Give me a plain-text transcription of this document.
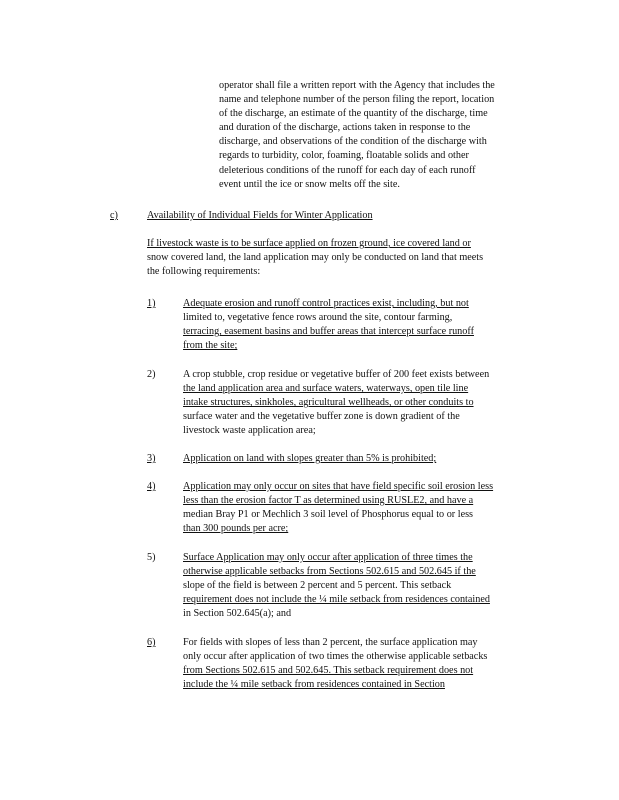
operator shall file a written report with the Agency that includes the
name and telephone number of the person filing the report, location
of the discharge, an estimate of the quantity of the discharge, time
and duration of the discharge, actions taken in response to the
discharge, and observations of the condition of the discharge with
regards to turbidity, color, foaming, floatable solids and other
deleterious conditions of the runoff for each day of each runoff
event until the ice or snow melts off the site.
c)	Availability of Individual Fields for Winter Application
If livestock waste is to be surface applied on frozen ground, ice covered land or
snow covered land, the land application may only be conducted on land that meets
the following requirements:
1)	Adequate erosion and runoff control practices exist, including, but not
limited to, vegetative fence rows around the site, contour farming,
terracing, easement basins and buffer areas that intercept surface runoff
from the site;
2)	A crop stubble, crop residue or vegetative buffer of 200 feet exists between
the land application area and surface waters, waterways, open tile line
intake structures, sinkholes, agricultural wellheads, or other conduits to
surface water and the vegetative buffer zone is down gradient of the
livestock waste application area;
3)	Application on land with slopes greater than 5% is prohibited;
4)	Application may only occur on sites that have field specific soil erosion less
less than the erosion factor T as determined using RUSLE2, and have a
median Bray P1 or Mechlich 3 soil level of Phosphorus equal to or less
than 300 pounds per acre;
5)	Surface Application may only occur after application of three times the
otherwise applicable setbacks from Sections 502.615 and 502.645 if the
slope of the field is between 2 percent and 5 percent. This setback
requirement does not include the ¼ mile setback from residences contained
in Section 502.645(a); and
6)	For fields with slopes of less than 2 percent, the surface application may
only occur after application of two times the otherwise applicable setbacks
from Sections 502.615 and 502.645. This setback requirement does not
include the ¼ mile setback from residences contained in Section
